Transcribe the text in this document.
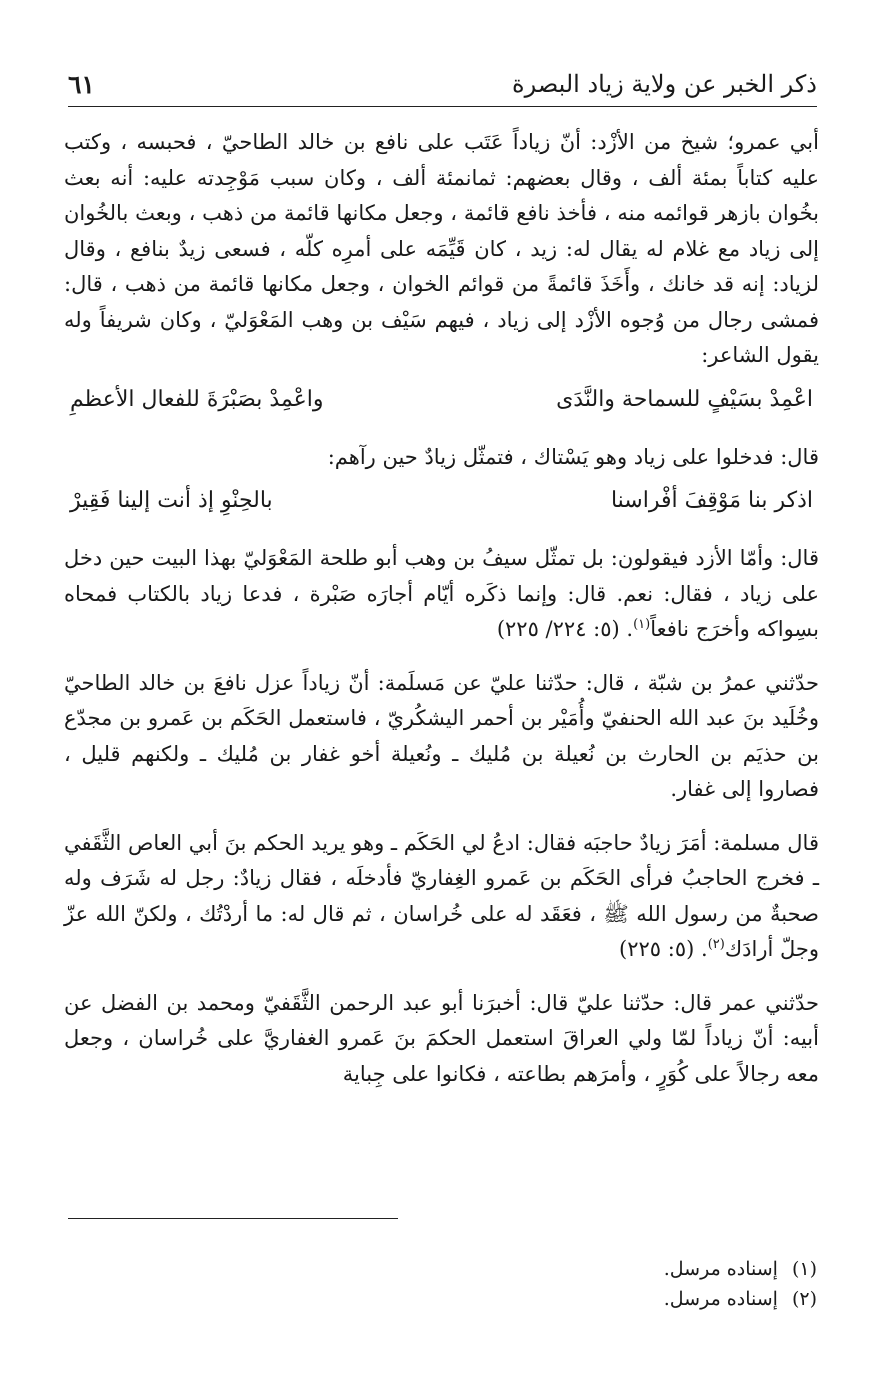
ذكر الخبر عن ولاية زياد البصرة
٦١

أبي عمرو؛ شيخ من الأزْد: أنّ زياداً عَتَب على نافع بن خالد الطاحيّ ، فحبسه ، وكتب عليه كتاباً بمئة ألف ، وقال بعضهم: ثمانمئة ألف ، وكان سبب مَوْجِدته عليه: أنه بعث بخُوان بازهر قوائمه منه ، فأخذ نافع قائمة ، وجعل مكانها قائمة من ذهب ، وبعث بالخُوان إلى زياد مع غلام له يقال له: زيد ، كان قَيِّمَه على أمرِه كلّه ، فسعى زيدٌ بنافع ، وقال لزياد: إنه قد خانك ، وأَخَذَ قائمةً من قوائم الخوان ، وجعل مكانها قائمة من ذهب ، قال: فمشى رجال من وُجوه الأزْد إلى زياد ، فيهم سَيْف بن وهب المَعْوَليّ ، وكان شريفاً وله يقول الشاعر:

اعْمِدْ بسَيْفٍ للسماحة والنَّدَى
واعْمِدْ بصَبْرَةَ للفعال الأعظمِ

قال: فدخلوا على زياد وهو يَسْتاك ، فتمثّل زيادٌ حين رآهم:

اذكر بنا مَوْقِفَ أفْراسنا
بالحِنْوِ إذ أنت إلينا فَقِيرْ

قال: وأمّا الأزد فيقولون: بل تمثّل سيفُ بن وهب أبو طلحة المَعْوَليّ بهذا البيت حين دخل على زياد ، فقال: نعم. قال: وإنما ذكَره أيّام أجارَه صَبْرة ، فدعا زياد بالكتاب فمحاه بسِواكه وأخرَج نافعاً$^{(١)}$. (٥: ٢٢٤/ ٢٢٥)

حدّثني عمرُ بن شبّة ، قال: حدّثنا عليّ عن مَسلَمة: أنّ زياداً عزل نافعَ بن خالد الطاحيّ وخُلَيد بنَ عبد الله الحنفيّ وأُمَيْر بن أحمر اليشكُريّ ، فاستعمل الحَكَم بن عَمرو بن مجدّع بن حذيَم بن الحارث بن نُعيلة بن مُليك ـ ونُعيلة أخو غفار بن مُليك ـ ولكنهم قليل ، فصاروا إلى غفار.

قال مسلمة: أمَرَ زيادٌ حاجبَه فقال: ادعُ لي الحَكَم ـ وهو يريد الحكم بنَ أبي العاص الثَّقَفي ـ فخرج الحاجبُ فرأى الحَكَم بن عَمرو الغِفاريّ فأدخلَه ، فقال زيادٌ: رجل له شَرَف وله صحبةٌ من رسول الله ﷺ ، فعَقَد له على خُراسان ، ثم قال له: ما أردْتُك ، ولكنّ الله عزّ وجلّ أرادَك$^{(٢)}$. (٥: ٢٢٥)

حدّثني عمر قال: حدّثنا عليّ قال: أخبرَنا أبو عبد الرحمن الثَّقَفيّ ومحمد بن الفضل عن أبيه: أنّ زياداً لمّا ولي العراقَ استعمل الحكمَ بنَ عَمرو الغفاريَّ على خُراسان ، وجعل معه رجالاً على كُوَرٍ ، وأمرَهم بطاعته ، فكانوا على جِباية

(١)
إسناده مرسل.
(٢)
إسناده مرسل.
